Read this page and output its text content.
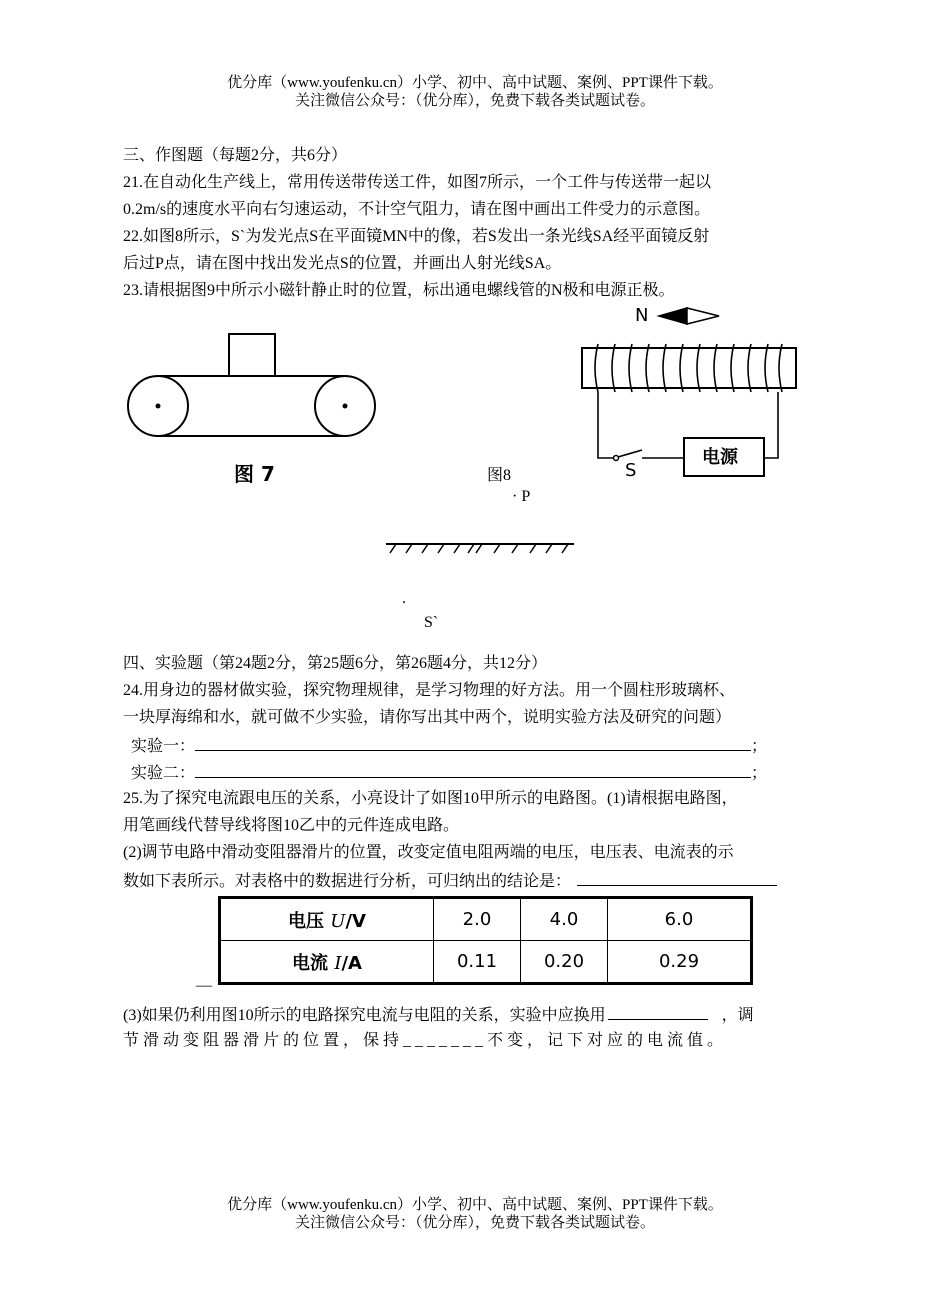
优分库（www.youfenku.cn）小学、初中、高中试题、案例、PPT课件下载。
关注微信公众号：（优分库），免费下载各类试题试卷。
三、作图题（每题2分，共6分）
21.在自动化生产线上，常用传送带传送工件，如图7所示，一个工件与传送带一起以
0.2m/s的速度水平向右匀速运动，不计空气阻力，请在图中画出工件受力的示意图。
22.如图8所示，S`为发光点S在平面镜MN中的像，若S发出一条光线SA经平面镜反射
后过P点，请在图中找出发光点S的位置，并画出人射光线SA。
23.请根据图9中所示小磁针静止时的位置，标出通电螺线管的N极和电源正极。
图 7	图8
· P
.
S`
N
电源
S
四、实验题（第24题2分，第25题6分，第26题4分，共12分）
24.用身边的器材做实验，探究物理规律，是学习物理的好方法。用一个圆柱形玻璃杯、
一块厚海绵和水，就可做不少实验，请你写出其中两个，说明实验方法及研究的问题）
实验一：	；
实验二：	；
25.为了探究电流跟电压的关系，小亮设计了如图10甲所示的电路图。(1)请根据电路图，
用笔画线代替导线将图10乙中的元件连成电路。
(2)调节电路中滑动变阻器滑片的位置，改变定值电阻两端的电压，电压表、电流表的示
数如下表所示。对表格中的数据进行分析，可归纳出的结论是：
电压 U/V	2.0	4.0	6.0
电流 I/A	0.11	0.20	0.29
—
(3)如果仍利用图10所示的电路探究电流与电阻的关系，实验中应换用	，调
节 滑 动 变 阻 器 滑 片 的 位 置 ， 保 持 _ _ _ _ _ _ _ 不 变 ， 记 下 对 应 的 电 流 值 。
优分库（www.youfenku.cn）小学、初中、高中试题、案例、PPT课件下载。
关注微信公众号：（优分库），免费下载各类试题试卷。
